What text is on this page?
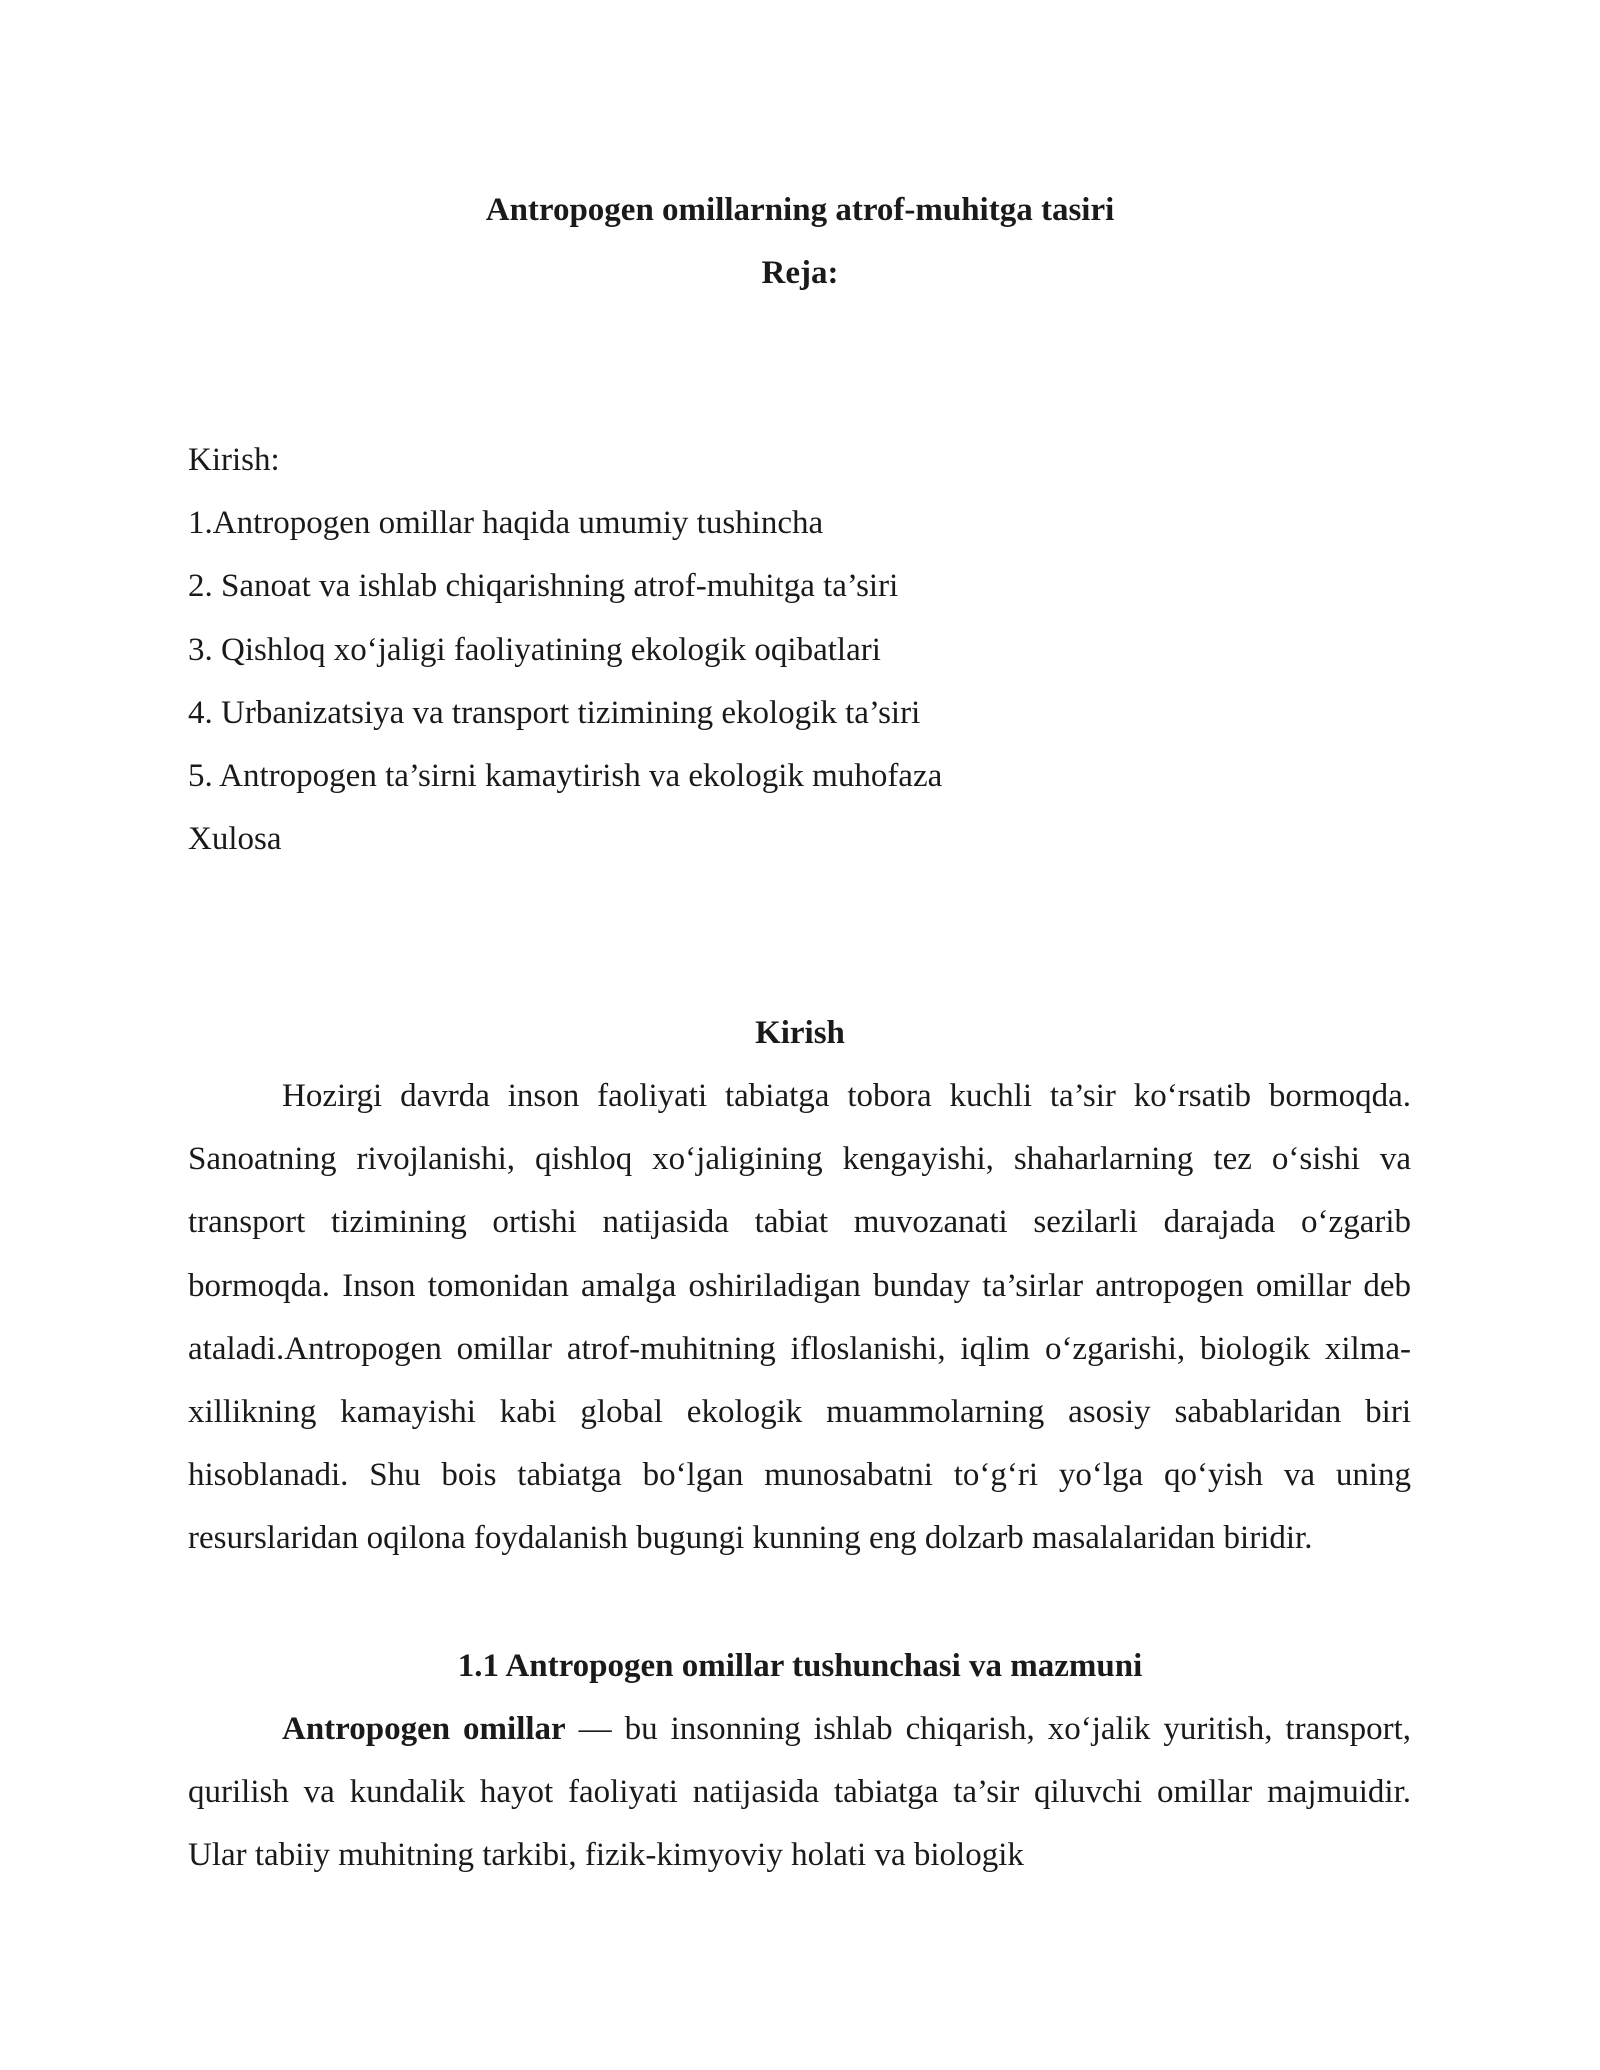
Antropogen omillarning atrof-muhitga tasiri
Reja:
Kirish:
1.Antropogen omillar haqida umumiy tushincha
2. Sanoat va ishlab chiqarishning atrof-muhitga ta’siri
3. Qishloq xo‘jaligi faoliyatining ekologik oqibatlari
4. Urbanizatsiya va transport tizimining ekologik ta’siri
5. Antropogen ta’sirni kamaytirish va ekologik muhofaza
Xulosa
Kirish

Hozirgi davrda inson faoliyati tabiatga tobora kuchli ta’sir ko‘rsatib bormoqda. Sanoatning rivojlanishi, qishloq xo‘jaligining kengayishi, shaharlarning tez o‘sishi va transport tizimining ortishi natijasida tabiat muvozanati sezilarli darajada o‘zgarib bormoqda. Inson tomonidan amalga oshiriladigan bunday ta’sirlar antropogen omillar deb ataladi.Antropogen omillar atrof-muhitning ifloslanishi, iqlim o‘zgarishi, biologik xilma-xillikning kamayishi kabi global ekologik muammolarning asosiy sabablaridan biri hisoblanadi. Shu bois tabiatga bo‘lgan munosabatni to‘g‘ri yo‘lga qo‘yish va uning resurslaridan oqilona foydalanish bugungi kunning eng dolzarb masalalaridan biridir.

1.1 Antropogen omillar tushunchasi va mazmuni

Antropogen omillar — bu insonning ishlab chiqarish, xo‘jalik yuritish, transport, qurilish va kundalik hayot faoliyati natijasida tabiatga ta’sir qiluvchi omillar majmuidir. Ular tabiiy muhitning tarkibi, fizik-kimyoviy holati va biologik
